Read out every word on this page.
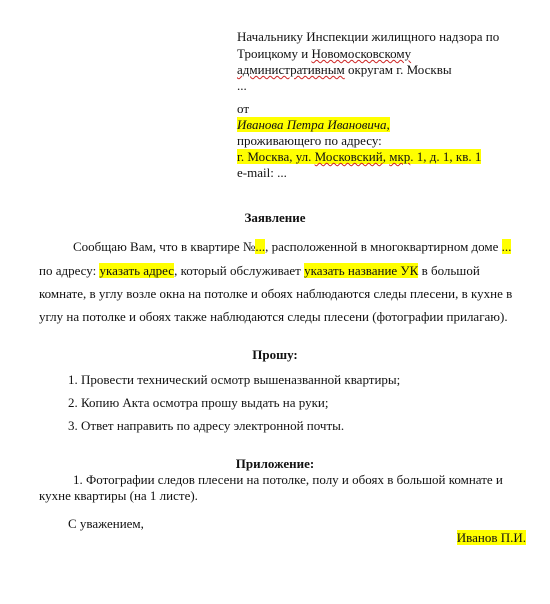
Начальнику Инспекции жилищного надзора по
Троицкому и Новомосковскому
административным округам г. Москвы
...
от
Иванова Петра Ивановича,
проживающего по адресу:
г. Москва, ул. Московский, мкр. 1, д. 1, кв. 1
e-mail: ...
Заявление
Сообщаю Вам, что в квартире №..., расположенной в многоквартирном доме ...
по адресу: указать адрес, который обслуживает указать название УК в большой
комнате, в углу возле окна на потолке и обоях наблюдаются следы плесени, в кухне в
углу на потолке и обоях также наблюдаются следы плесени (фотографии прилагаю).
Прошу:
1. Провести технический осмотр вышеназванной квартиры;
2. Копию Акта осмотра прошу выдать на руки;
3. Ответ направить по адресу электронной почты.
Приложение:
1. Фотографии следов плесени на потолке, полу и обоях в большой комнате и
кухне квартиры (на 1 листе).
С уважением,
Иванов П.И.
